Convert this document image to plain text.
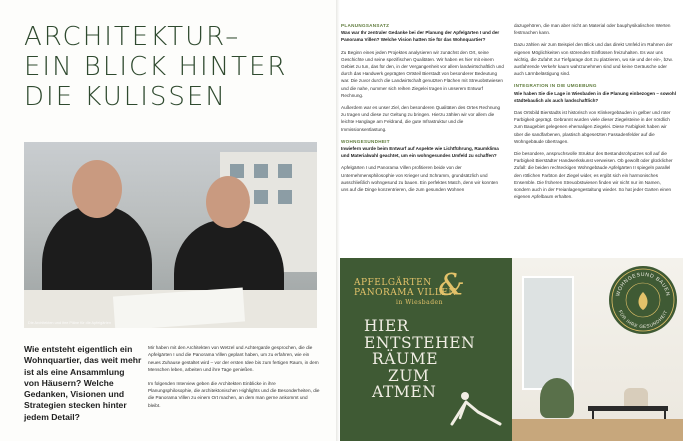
ARCHITEKTUR–
EIN BLICK HINTER
DIE KULISSEN
Die Architekten und ihre Pläne für die Apfelgärten

Wie entsteht eigentlich ein Wohnquartier, das weit mehr ist als eine Ansammlung von Häusern? Welche Gedanken, Visionen und Strategien stecken hinter jedem Detail?

Mir haben mit den Architekten von Wetzel und Achtergarde gesprochen, die die Apfelgärten I und die Panorama Villen geplant haben, um zu erfahren, wie ein neues Zuhause gestaltet wird – vor der ersten Idee bis zum fertigen Raum, in dem Menschen leben, arbeiten und ihre Tage genießen.

Im folgenden Interview geben die Architekten Einblicke in ihre Planungsphilosophie, die architektonischen Highlights und die Besonderheiten, die die Panorama Villen zu einem Ort machen, an dem man gerne ankommt und bleibt.

PLANUNGSANSATZ

Was war Ihr zentraler Gedanke bei der Planung der Apfelgärten I und der Panorama Villen? Welche Vision hatten Sie für das Wohnquartier?

Zu Beginn eines jeden Projektes analysieren wir zunächst den Ort, seine Geschichte und seine spezifischen Qualitäten. Wir haben es hier mit einem Gebiet zu tun, das für den, in der Vergangenheit vor allem landwirtschaftlich und durch das Handwerk geprägten Ortsteil Bierstadt von besonderer Bedeutung war. Die zuvor durch die Landwirtschaft genutzten Flächen mit Streuobstwiesen und die nahe, nummer sich reihen Ziegelei tragen in unserem Entwurf Rechnung.

Außerdem war es unser Ziel, den besonderen Qualitäten des Ortes Rechnung zu tragen und diese zur Geltung zu bringen. Hierzu zählen wir vor allem die leichte Hanglage am Feldrand, die gute Infrastruktur und die Immissionsentlastung.

WOHNGESUNDHEIT

Inwiefern wurde beim Entwurf auf Aspekte wie Lichtführung, Raumklima und Materialwahl geachtet, um ein wohngesundes Umfeld zu schaffen?

Apfelgärten I und Panorama Villen profitieren beide von der Unternehmensphilosophie von Krieger und Schramm, grundsätzlich und ausschließlich wohngesund zu bauen. Ein perfektes Match, denn wir konnten uns auf die Dinge konzentrieren, die zum gesunden Wohnen

dazugehören, die man aber nicht an Material oder bauphysikalischen Werten festmachen kann.

Dazu zählen wir zum Beispiel den Blick und das direkt Umfeld im Rahmen der eigenen Möglichkeiten von störenden Einflüssen freizuhalten. Es war uns wichtig, die Zufahrt zur Tiefgarage dort zu platzieren, wo sie und der ein-, bzw. ausfahrende Verkehr kaum wahrzunehmen sind und keine Geräusche oder auch Lärmbelästigung sind.

INTEGRATION IN DIE UMGEBUNG

Wie haben Sie die Lage in Wiesbaden in die Planung einbezogen – sowohl städtebaulich als auch landschaftlich?

Das Ortsbild Bierstadts ist historisch von Klinkergebäuden in gelber und roter Farbigkeit geprägt. Gebrannt wurden viele dieser Ziegelsteine in der nördlich zum Baugebiet gelegenen ehemaligen Ziegelei. Diese Farbigkeit haben wir über die sandfarbenen, plastisch abgesetzten Fassadenfelder auf die Wohngebäude übertragen.

Die besondere, anspruchsvolle Struktur des Bestandsrohputzes soll auf die Farbigkeit Bierstädter Handwerkskunst verweisen. Ob gewollt oder glücklicher Zufall: die beiden rechteckigen Wohngebäude Apfelgärten II spiegeln parallel den rötlichen Farbton der Ziegel wider, es ergibt sich ein harmonisches Ensemble. Die früheren Streuobstwiesen finden wir nicht nur im Namen, sondern auch in der Freianlagengestaltung wieder. So hat jeder Garten einen eigenen Apfelbaum erhalten.

&
APFELGÄRTEN
PANORAMA VILLEN
in Wiesbaden
HIER
ENTSTEHEN
RÄUME
ZUM
ATMEN
WOHNGESUND BAUEN
FÜR IHRE GESUNDHEIT
